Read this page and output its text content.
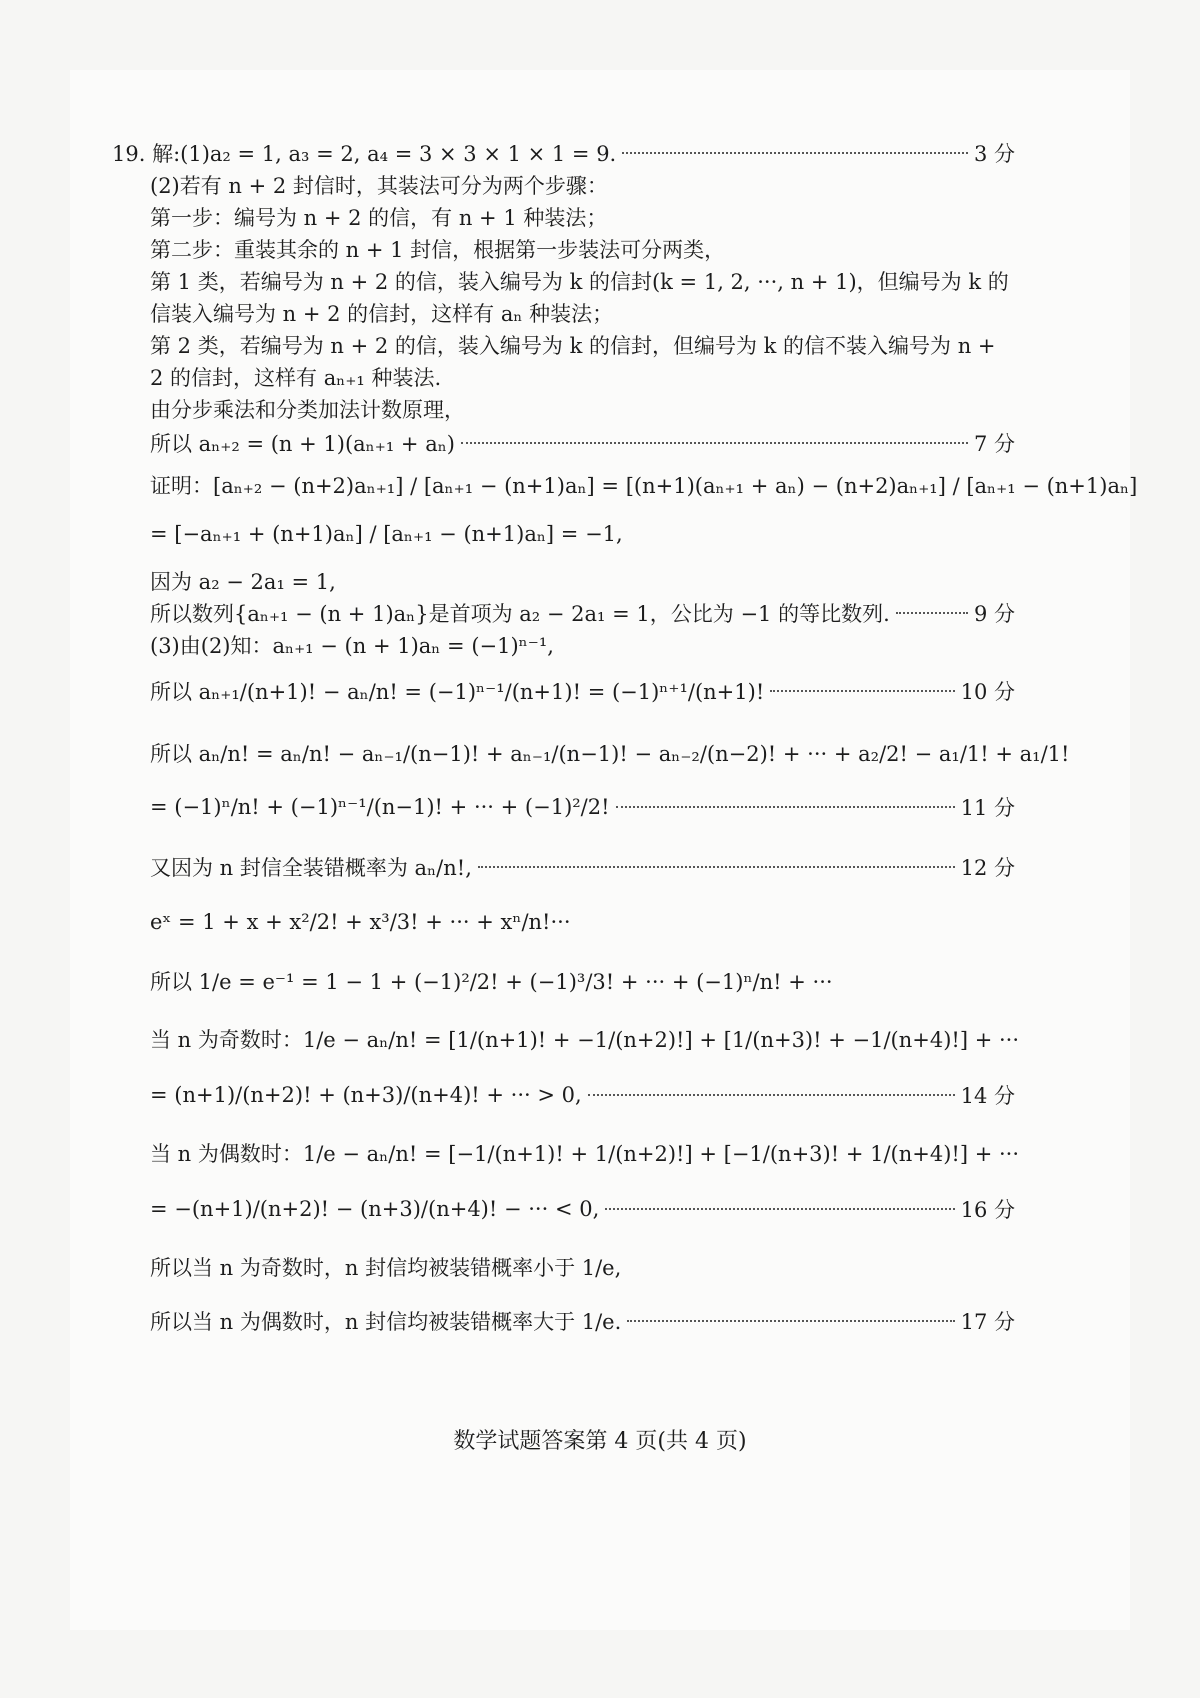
19. 解:(1)a₂ = 1, a₃ = 2, a₄ = 3 × 3 × 1 × 1 = 9.	3 分
(2)若有 n + 2 封信时，其装法可分为两个步骤：
第一步：编号为 n + 2 的信，有 n + 1 种装法；
第二步：重装其余的 n + 1 封信，根据第一步装法可分两类，
第 1 类，若编号为 n + 2 的信，装入编号为 k 的信封(k = 1, 2, ···, n + 1)，但编号为 k 的
信装入编号为 n + 2 的信封，这样有 aₙ 种装法；
第 2 类，若编号为 n + 2 的信，装入编号为 k 的信封，但编号为 k 的信不装入编号为 n +
2 的信封，这样有 aₙ₊₁ 种装法.
由分步乘法和分类加法计数原理，
所以 aₙ₊₂ = (n + 1)(aₙ₊₁ + aₙ)	7 分
证明：[aₙ₊₂ − (n+2)aₙ₊₁] / [aₙ₊₁ − (n+1)aₙ] = [(n+1)(aₙ₊₁ + aₙ) − (n+2)aₙ₊₁] / [aₙ₊₁ − (n+1)aₙ]
= [−aₙ₊₁ + (n+1)aₙ] / [aₙ₊₁ − (n+1)aₙ] = −1,
因为 a₂ − 2a₁ = 1,
所以数列{aₙ₊₁ − (n + 1)aₙ}是首项为 a₂ − 2a₁ = 1，公比为 −1 的等比数列.	9 分
(3)由(2)知：aₙ₊₁ − (n + 1)aₙ = (−1)ⁿ⁻¹,
所以 aₙ₊₁/(n+1)! − aₙ/n! = (−1)ⁿ⁻¹/(n+1)! = (−1)ⁿ⁺¹/(n+1)!	10 分
所以 aₙ/n! = aₙ/n! − aₙ₋₁/(n−1)! + aₙ₋₁/(n−1)! − aₙ₋₂/(n−2)! + ··· + a₂/2! − a₁/1! + a₁/1!
= (−1)ⁿ/n! + (−1)ⁿ⁻¹/(n−1)! + ··· + (−1)²/2!	11 分
又因为 n 封信全装错概率为 aₙ/n!,	12 分
eˣ = 1 + x + x²/2! + x³/3! + ··· + xⁿ/n!···
所以 1/e = e⁻¹ = 1 − 1 + (−1)²/2! + (−1)³/3! + ··· + (−1)ⁿ/n! + ···
当 n 为奇数时：1/e − aₙ/n! = [1/(n+1)! + −1/(n+2)!] + [1/(n+3)! + −1/(n+4)!] + ···
= (n+1)/(n+2)! + (n+3)/(n+4)! + ··· > 0,	14 分
当 n 为偶数时：1/e − aₙ/n! = [−1/(n+1)! + 1/(n+2)!] + [−1/(n+3)! + 1/(n+4)!] + ···
= −(n+1)/(n+2)! − (n+3)/(n+4)! − ··· < 0,	16 分
所以当 n 为奇数时，n 封信均被装错概率小于 1/e,
所以当 n 为偶数时，n 封信均被装错概率大于 1/e.	17 分
数学试题答案第 4 页(共 4 页)
